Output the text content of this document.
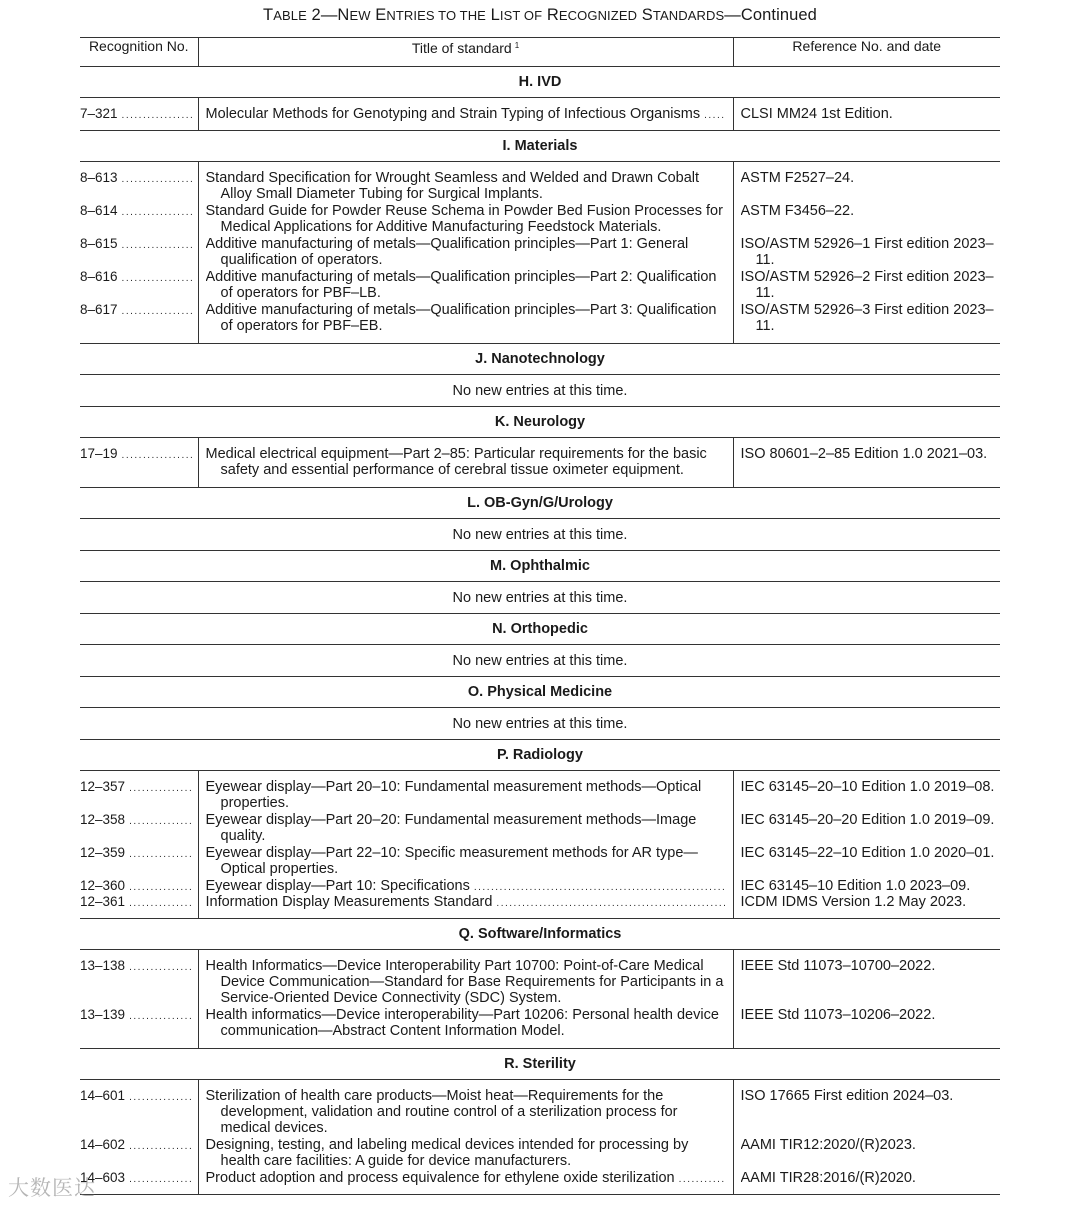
TABLE 2—NEW ENTRIES TO THE LIST OF RECOGNIZED STANDARDS—Continued
Recognition No.	Title of standard $^1$	Reference No. and date
H. IVD		

7–321 .....	Molecular Methods for Genotyping and Strain Typing of Infectious Organisms .....	CLSI MM24 1st Edition.

I. Materials		

8–613 .....	Standard Specification for Wrought Seamless and Welded and Drawn Cobalt Alloy Small Diameter Tubing for Surgical Implants.	ASTM F2527–24.

8–614 .....	Standard Guide for Powder Reuse Schema in Powder Bed Fusion Processes for Medical Applications for Additive Manufacturing Feedstock Materials.	ASTM F3456–22.

8–615 .....	Additive manufacturing of metals—Qualification principles—Part 1: General qualification of operators.	ISO/ASTM 52926–1 First edition 2023–11.

8–616 .....	Additive manufacturing of metals—Qualification principles—Part 2: Qualification of operators for PBF–LB.	ISO/ASTM 52926–2 First edition 2023–11.

8–617 .....	Additive manufacturing of metals—Qualification principles—Part 3: Qualification of operators for PBF–EB.	ISO/ASTM 52926–3 First edition 2023–11.

J. Nanotechnology		
No new entries at this time.		
K. Neurology		

17–19 .....	Medical electrical equipment—Part 2–85: Particular requirements for the basic safety and essential performance of cerebral tissue oximeter equipment.	ISO 80601–2–85 Edition 1.0 2021–03.

L. OB-Gyn/G/Urology		
No new entries at this time.		
M. Ophthalmic		
No new entries at this time.		
N. Orthopedic		
No new entries at this time.		
O. Physical Medicine		
No new entries at this time.		
P. Radiology		

12–357 .....	Eyewear display—Part 20–10: Fundamental measurement methods—Optical properties.	IEC 63145–20–10 Edition 1.0 2019–08.

12–358 .....	Eyewear display—Part 20–20: Fundamental measurement methods—Image quality.	IEC 63145–20–20 Edition 1.0 2019–09.

12–359 .....	Eyewear display—Part 22–10: Specific measurement methods for AR type—Optical properties.	IEC 63145–22–10 Edition 1.0 2020–01.

12–360 .....	Eyewear display—Part 10: Specifications .....	IEC 63145–10 Edition 1.0 2023–09.

12–361 .....	Information Display Measurements Standard .....	ICDM IDMS Version 1.2 May 2023.

Q. Software/Informatics		

13–138 .....	Health Informatics—Device Interoperability Part 10700: Point-of-Care Medical Device Communication—Standard for Base Requirements for Participants in a Service-Oriented Device Connectivity (SDC) System.	IEEE Std 11073–10700–2022.

13–139 .....	Health informatics—Device interoperability—Part 10206: Personal health device communication—Abstract Content Information Model.	IEEE Std 11073–10206–2022.

R. Sterility		

14–601 .....	Sterilization of health care products—Moist heat—Requirements for the development, validation and routine control of a sterilization process for medical devices.	ISO 17665 First edition 2024–03.

14–602 .....	Designing, testing, and labeling medical devices intended for processing by health care facilities: A guide for device manufacturers.	AAMI TIR12:2020/(R)2023.

14–603 .....	Product adoption and process equivalence for ethylene oxide sterilization .....	AAMI TIR28:2016/(R)2020.

大数医达
